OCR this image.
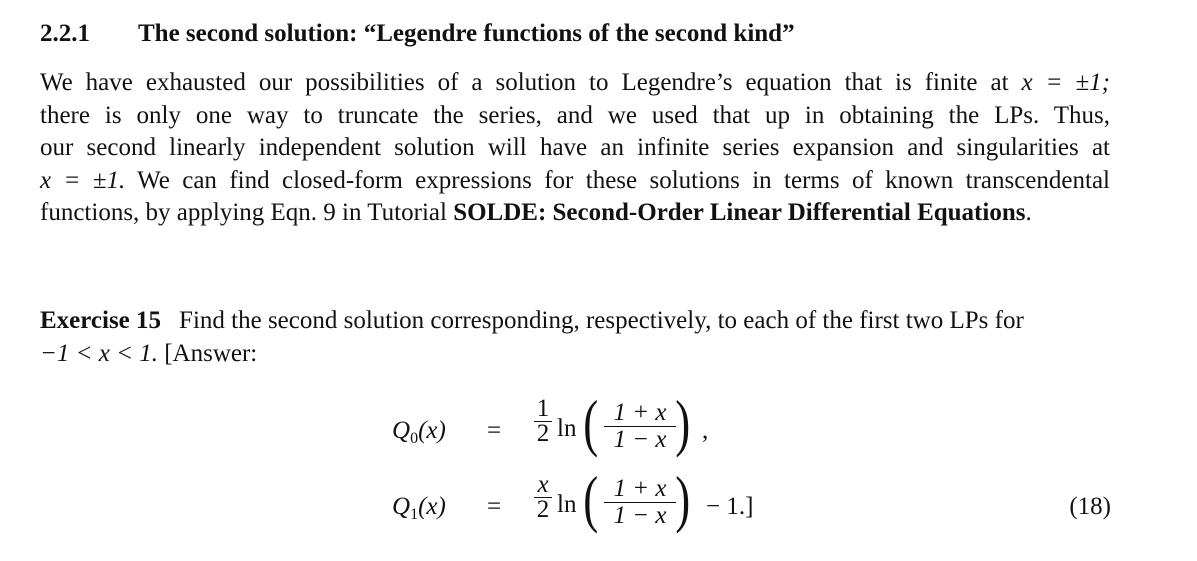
2.2.1 The second solution: “Legendre functions of the second kind”
We have exhausted our possibilities of a solution to Legendre’s equation that is finite at x = ±1;
there is only one way to truncate the series, and we used that up in obtaining the LPs. Thus,
our second linearly independent solution will have an infinite series expansion and singularities at
x = ±1. We can find closed-form expressions for these solutions in terms of known transcendental
functions, by applying Eqn. 9 in Tutorial SOLDE: Second-Order Linear Differential Equations.
Exercise 15 Find the second solution corresponding, respectively, to each of the first two LPs for
−1 < x < 1. [Answer:
$Q_0(x) = \frac{1}{2}$ ln ( $\frac{1 + x}{1 - x}$ ) ,
$Q_1(x) = \frac{x}{2}$ ln ( $\frac{1 + x}{1 - x}$ ) − 1.]	(18)
